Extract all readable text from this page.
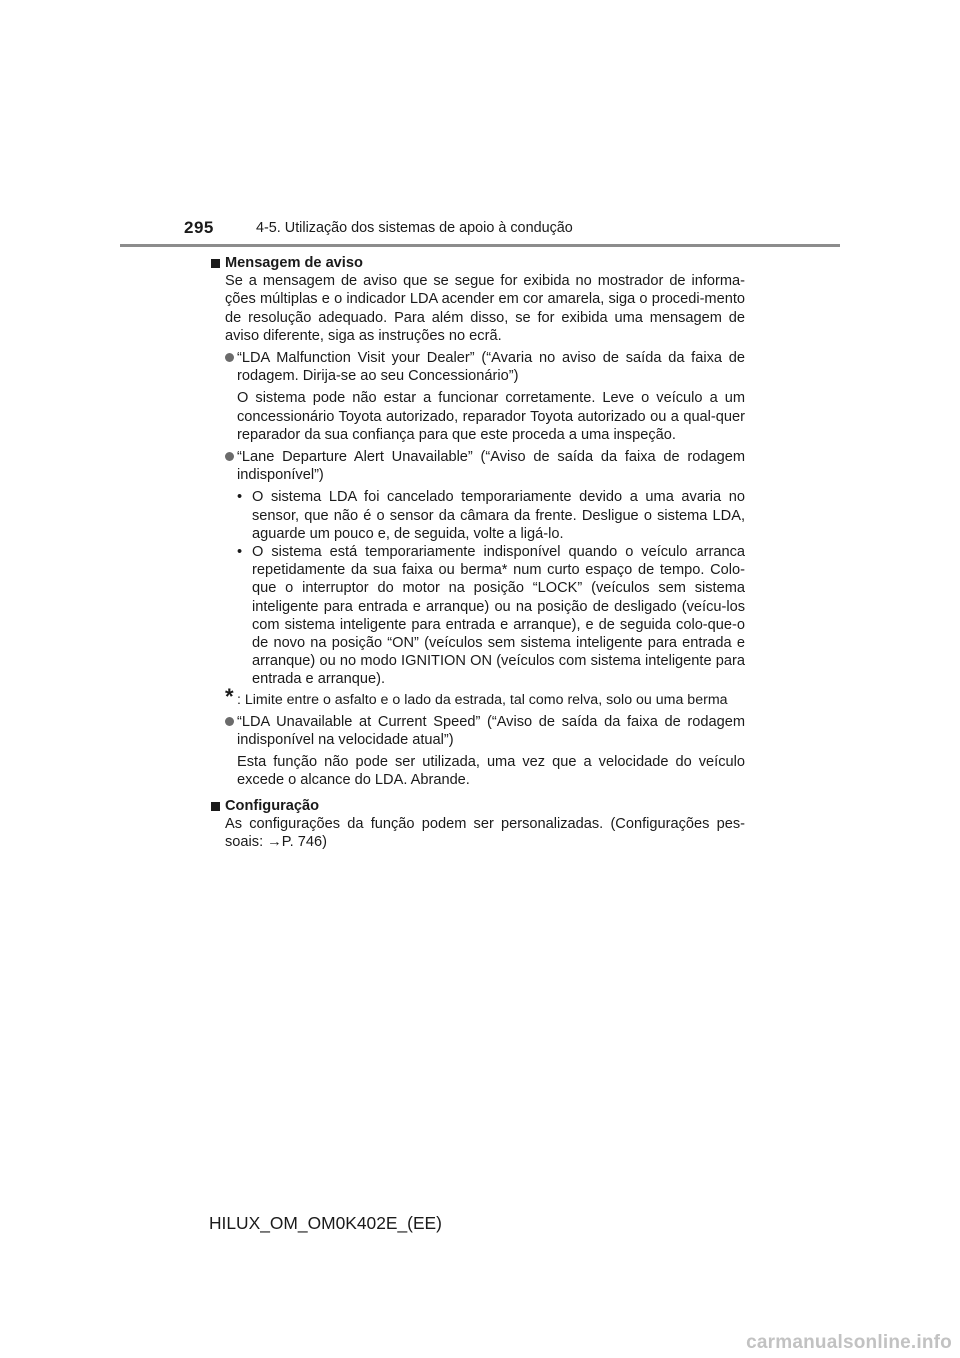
295	4-5. Utilização dos sistemas de apoio à condução

Mensagem de aviso

Se a mensagem de aviso que se segue for exibida no mostrador de informa-ções múltiplas e o indicador LDA acender em cor amarela, siga o procedi-mento de resolução adequado. Para além disso, se for exibida uma mensagem de aviso diferente, siga as instruções no ecrã.

“LDA Malfunction Visit your Dealer” (“Avaria no aviso de saída da faixa de rodagem. Dirija-se ao seu Concessionário”)

O sistema pode não estar a funcionar corretamente. Leve o veículo a um concessionário Toyota autorizado, reparador Toyota autorizado ou a qual-quer reparador da sua confiança para que este proceda a uma inspeção.

“Lane Departure Alert Unavailable” (“Aviso de saída da faixa de rodagem indisponível”)
• O sistema LDA foi cancelado temporariamente devido a uma avaria no sensor, que não é o sensor da câmara da frente. Desligue o sistema LDA, aguarde um pouco e, de seguida, volte a ligá-lo.
• O sistema está temporariamente indisponível quando o veículo arranca repetidamente da sua faixa ou berma* num curto espaço de tempo. Colo-que o interruptor do motor na posição “LOCK” (veículos sem sistema inteligente para entrada e arranque) ou na posição de desligado (veícu-los com sistema inteligente para entrada e arranque), e de seguida colo-que-o de novo na posição “ON” (veículos sem sistema inteligente para entrada e arranque) ou no modo IGNITION ON (veículos com sistema inteligente para entrada e arranque).
* : Limite entre o asfalto e o lado da estrada, tal como relva, solo ou uma berma
“LDA Unavailable at Current Speed” (“Aviso de saída da faixa de rodagem indisponível na velocidade atual”)

Esta função não pode ser utilizada, uma vez que a velocidade do veículo excede o alcance do LDA. Abrande.

Configuração

As configurações da função podem ser personalizadas. (Configurações pes-soais: →P. 746)

HILUX_OM_OM0K402E_(EE)
carmanualsonline.info
